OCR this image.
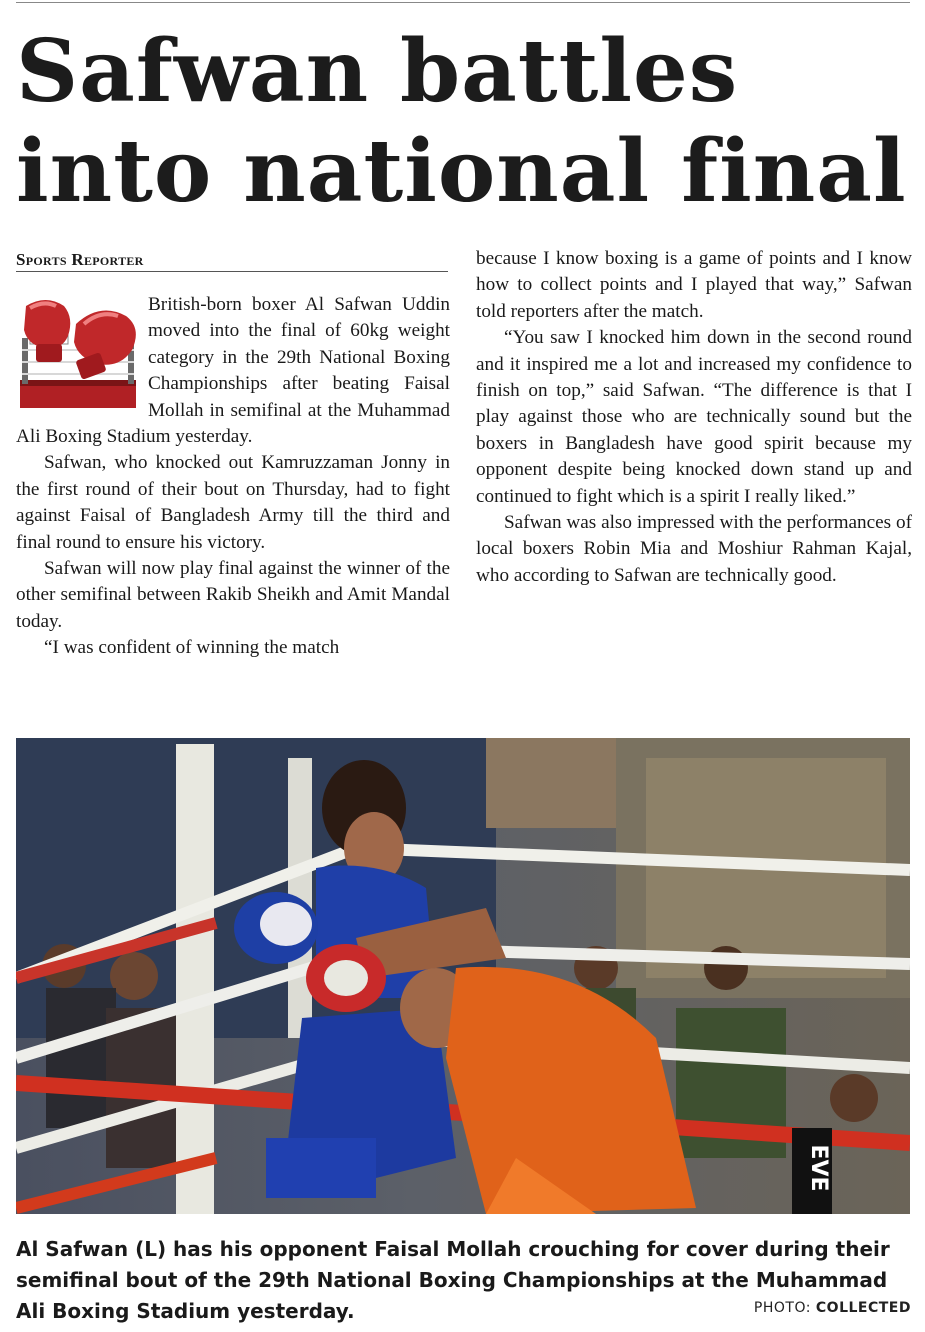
Safwan battles into national final
Sports Reporter

British-born boxer Al Safwan Uddin moved into the final of 60kg weight category in the 29th National Boxing Championships after beating Faisal Mollah in semifinal at the Muhammad Ali Boxing Stadium yesterday.

Safwan, who knocked out Kamruzzaman Jonny in the first round of their bout on Thursday, had to fight against Faisal of Bangladesh Army till the third and final round to ensure his victory.

Safwan will now play final against the winner of the other semifinal between Rakib Sheikh and Amit Mandal today.

“I was confident of winning the match

because I know boxing is a game of points and I know how to collect points and I played that way,” Safwan told reporters after the match.

“You saw I knocked him down in the second round and it inspired me a lot and increased my confidence to finish on top,” said Safwan. “The difference is that I play against those who are technically sound but the boxers in Bangladesh have good spirit because my opponent despite being knocked down stand up and continued to fight which is a spirit I really liked.”

Safwan was also impressed with the performances of local boxers Robin Mia and Moshiur Rahman Kajal, who according to Safwan are technically good.

EVE

Al Safwan (L) has his opponent Faisal Mollah crouching for cover during their semifinal bout of the 29th National Boxing Championships at the Muhammad Ali Boxing Stadium yesterday.	PHOTO: COLLECTED
